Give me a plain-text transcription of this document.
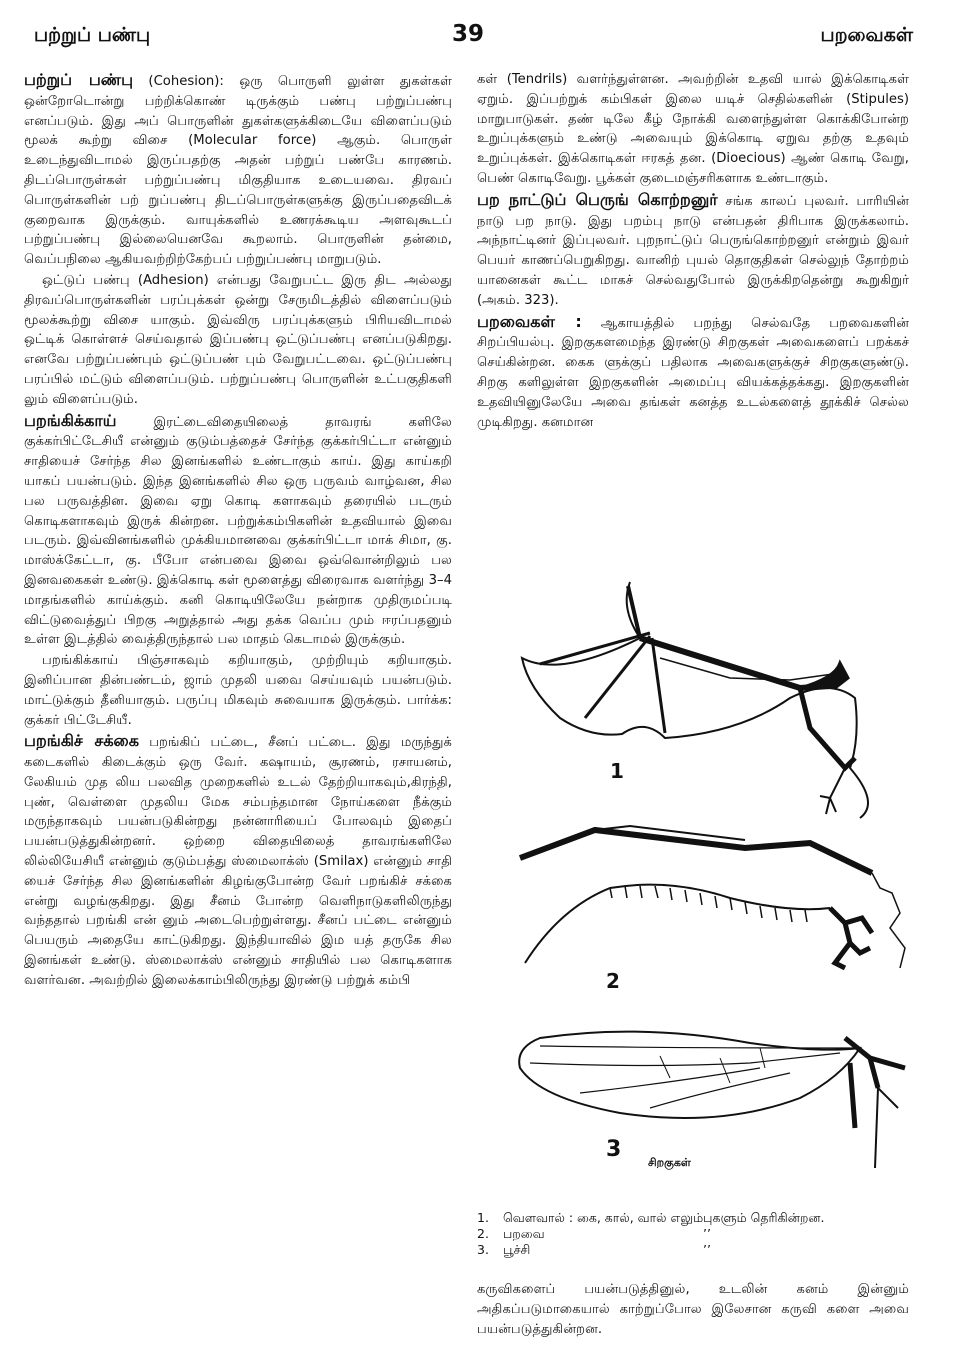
பற்றுப் பண்பு	39	பறவைகள்

பற்றுப் பண்பு (Cohesion): ஒரு பொருளி லுள்ள துகள்கள் ஒன்றோடொன்று பற்றிக்கொண் டிருக்கும் பண்பு பற்றுப்பண்பு எனப்படும். இது அப் பொருளின் துகள்களுக்கிடையே விளைப்படும் மூலக் கூற்று விசை (Molecular force) ஆகும். பொருள் உடைந்துவிடாமல் இருப்பதற்கு அதன் பற்றுப் பண்பே காரணம். திடப்பொருள்கள் பற்றுப்பண்பு மிகுதியாக உடையவை. திரவப் பொருள்களின் பற் றுப்பண்பு திடப்பொருள்களுக்கு இருப்பதைவிடக் குறைவாக இருக்கும். வாயுக்களில் உணரக்கூடிய அளவுகூடப் பற்றுப்பண்பு இல்லையெனவே கூறலாம். பொருளின் தன்மை, வெப்பநிலை ஆகியவற்றிற்கேற்பப் பற்றுப்பண்பு மாறுபடும்.

ஒட்டுப் பண்பு (Adhesion) என்பது வேறுபட்ட இரு திட அல்லது திரவப்பொருள்களின் பரப்புக்கள் ஒன்று சேருமிடத்தில் விளைப்படும் மூலக்கூற்று விசை யாகும். இவ்விரு பரப்புக்களும் பிரியவிடாமல் ஒட்டிக் கொள்ளச் செய்வதால் இப்பண்பு ஒட்டுப்பண்பு எனப்படுகிறது. எனவே பற்றுப்பண்பும் ஒட்டுப்பண் பும் வேறுபட்டவை. ஒட்டுப்பண்பு பரப்பில் மட்டும் விளைப்படும். பற்றுப்பண்பு பொருளின் உட்பகுதிகளி லும் விளைப்படும்.

பறங்கிக்காய் இரட்டைவிதையிலைத் தாவரங் களிலே குக்கர்பிட்டேசியீ என்னும் குடும்பத்தைச் சேர்ந்த குக்கர்பிட்டா என்னும் சாதியைச் சேர்ந்த சில இனங்களில் உண்டாகும் காய். இது காய்கறி யாகப் பயன்படும். இந்த இனங்களில் சில ஒரு பருவம் வாழ்வன, சில பல பருவத்தின. இவை ஏறு கொடி களாகவும் தரையில் படரும் கொடிகளாகவும் இருக் கின்றன. பற்றுக்கம்பிகளின் உதவியால் இவை படரும். இவ்வினங்களில் முக்கியமானவை குக்கர்பிட்டா மாக் சிமா, கு. மாஸ்க்கேட்டா, கு. பீபோ என்பவை இவை ஒவ்வொன்றிலும் பல இனவகைகள் உண்டு. இக்கொடி கள் மூளைத்து விரைவாக வளர்ந்து 3–4 மாதங்களில் காய்க்கும். கனி கொடியிலேயே நன்றாக முதிருமப்படி விட்டுவைத்துப் பிறகு அறுத்தால் அது தக்க வெப்ப மும் ஈரப்பதனும் உள்ள இடத்தில் வைத்திருந்தால் பல மாதம் கெடாமல் இருக்கும்.

பறங்கிக்காய் பிஞ்சாகவும் கறியாகும், முற்றியும் கறியாகும். இனிப்பான தின்பண்டம், ஜாம் முதலி யவை செய்யவும் பயன்படும். மாட்டுக்கும் தீனியாகும். பருப்பு மிகவும் சுவையாக இருக்கும். பார்க்க: குக்கர் பிட்டேசியீ.

பறங்கிச் சக்கை பறங்கிப் பட்டை, சீனப் பட்டை. இது மருந்துக் கடைகளில் கிடைக்கும் ஒரு வேர். கஷாயம், சூரணம், ரசாயனம், லேகியம் முத லிய பலவித முறைகளில் உடல் தேற்றியாகவும்,கிரந்தி, புண், வெள்ளை முதலிய மேக சம்பந்தமான நோய்களை நீக்கும் மருந்தாகவும் பயன்படுகின்றது நன்னாரியைப் போலவும் இதைப் பயன்படுத்துகின்றனர். ஒற்றை விதையிலைத் தாவரங்களிலே லில்லியேசியீ என்னும் குடும்பத்து ஸ்மைலாக்ஸ் (Smilax) என்னும் சாதி யைச் சேர்ந்த சில இனங்களின் கிழங்குபோன்ற வேர் பறங்கிச் சக்கை என்று வழங்குகிறது. இது சீனம் போன்ற வெளிநாடுகளிலிருந்து வந்ததால் பறங்கி என் னும் அடைபெற்றுள்ளது. சீனப் பட்டை என்னும் பெயரும் அதையே காட்டுகிறது. இந்தியாவில் இம யத் தருகே சில இனங்கள் உண்டு. ஸ்மைலாக்ஸ் என்னும் சாதியில் பல கொடிகளாக வளர்வன. அவற்றில் இலைக்காம்பிலிருந்து இரண்டு பற்றுக் கம்பி

கள் (Tendrils) வளர்ந்துள்ளன. அவற்றின் உதவி யால் இக்கொடிகள் ஏறும். இப்பற்றுக் கம்பிகள் இலை யடிச் செதில்களின் (Stipules) மாறுபாடுகள். தண் டிலே கீழ் நோக்கி வளைந்துள்ள கொக்கிபோன்ற உறுப்புக்களும் உண்டு அவையும் இக்கொடி ஏறுவ தற்கு உதவும் உறுப்புக்கள். இக்கொடிகள் ஈரகத் தன. (Dioecious) ஆண் கொடி வேறு, பெண் கொடிவேறு. பூக்கள் குடைமஞ்சரிகளாக உண்டாகும்.

பற நாட்டுப் பெருங் கொற்றனுர் சங்க காலப் புலவர். பாரியின் நாடு பற நாடு. இது பறம்பு நாடு என்பதன் திரிபாக இருக்கலாம். அந்நாட்டினர் இப்புலவர். புறநாட்டுப் பெருங்கொற்றனுர் என்றும் இவர் பெயர் காணப்பெறுகிறது. வானிற் புயல் தொகுதிகள் செல்லுந் தோற்றம் யானைகள் கூட்ட மாகச் செல்வதுபோல் இருக்கிறதென்று கூறுகிறுர் (அகம். 323).

பறவைகள் : ஆகாயத்தில் பறந்து செல்வதே பறவைகளின் சிறப்பியல்பு. இறகுகளமைந்த இரண்டு சிறகுகள் அவைகளைப் பறக்கச் செய்கின்றன. கைக ளுக்குப் பதிலாக அவைகளுக்குச் சிறகுகளுண்டு. சிறகு களிலுள்ள இறகுகளின் அமைப்பு வியக்கத்தக்கது. இறகுகளின் உதவியினுலேயே அவை தங்கள் கனத்த உடல்களைத் தூக்கிச் செல்ல முடிகிறது. கனமான

1
2
3
சிறகுகள்
1.	வௌவால் :
கை, கால், வால் எலும்புகளும் தெரிகின்றன.
2.	பறவை	’’
3.	பூச்சி	’’
கருவிகளைப் பயன்படுத்தினுல், உடலின் கனம் இன்னும் அதிகப்படுமாகையால் காற்றுப்போல இலேசான கருவி களை அவை பயன்படுத்துகின்றன.
